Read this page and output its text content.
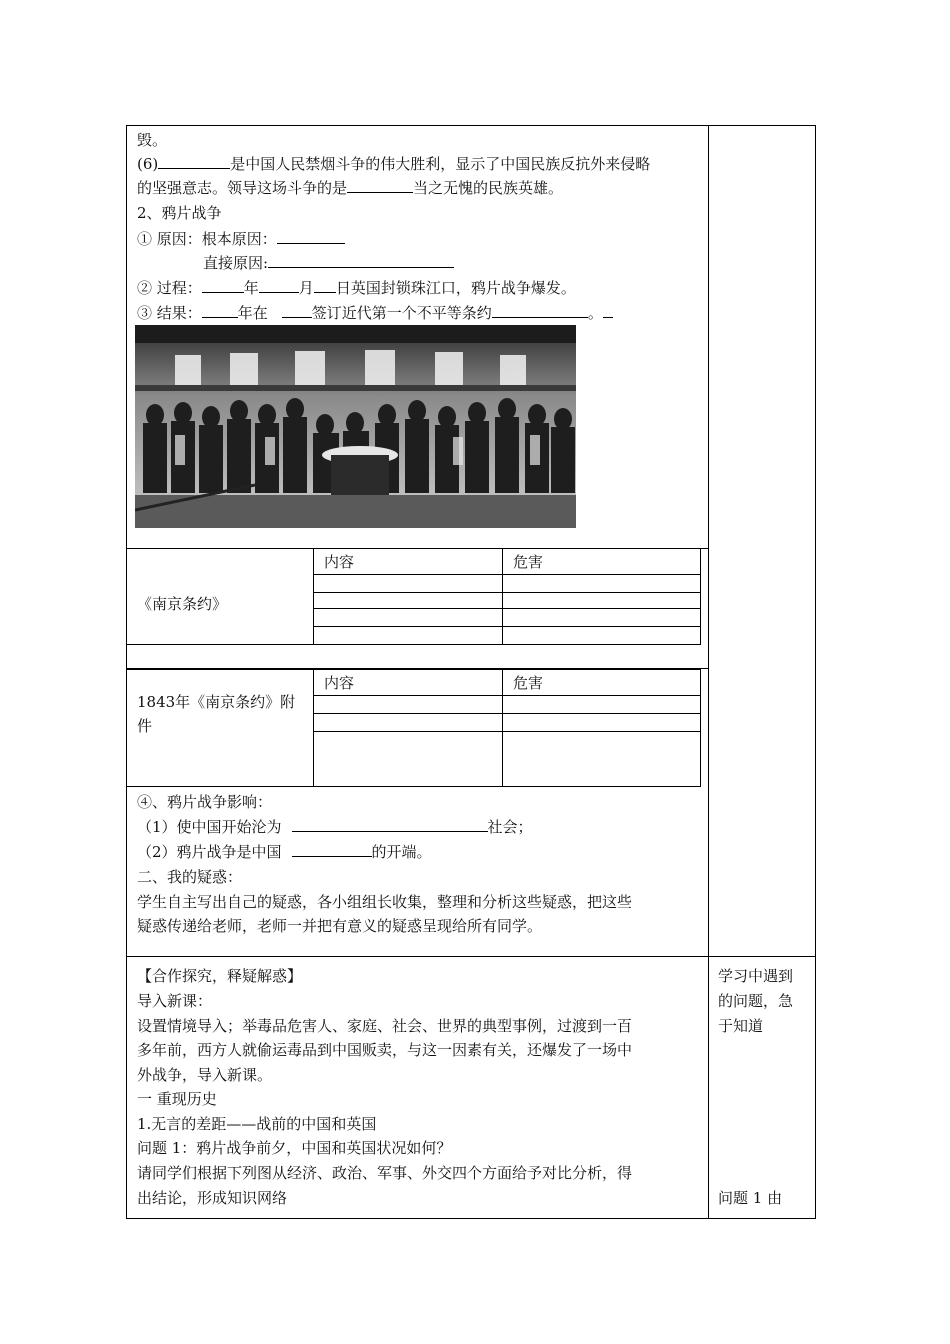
毁。
(6)	是中国人民禁烟斗争的伟大胜利，显示了中国民族反抗外来侵略
的坚强意志。领导这场斗争的是	当之无愧的民族英雄。
2、鸦片战争
① 原因：根本原因：
直接原因:
② 过程：	年	月 日英国封锁珠江口，鸦片战争爆发。
③ 结果： 年在	签订近代第一个不平等条约	。
《南京条约》
内容	危害
1843年《南京条约》附
件
内容	危害
④、鸦片战争影响：
（1）使中国开始沦为	社会；
（2）鸦片战争是中国	的开端。
二、我的疑惑：
学生自主写出自己的疑惑，各小组组长收集，整理和分析这些疑惑，把这些
疑惑传递给老师，老师一并把有意义的疑惑呈现给所有同学。
【合作探究，释疑解惑】
导入新课：
设置情境导入；举毒品危害人、家庭、社会、世界的典型事例，过渡到一百
多年前，西方人就偷运毒品到中国贩卖，与这一因素有关，还爆发了一场中
外战争，导入新课。
一 重现历史
1.无言的差距——战前的中国和英国
问题 1：鸦片战争前夕，中国和英国状况如何？
请同学们根据下列图从经济、政治、军事、外交四个方面给予对比分析，得
出结论，形成知识网络
学习中遇到
的问题，急
于知道
问题 1 由
